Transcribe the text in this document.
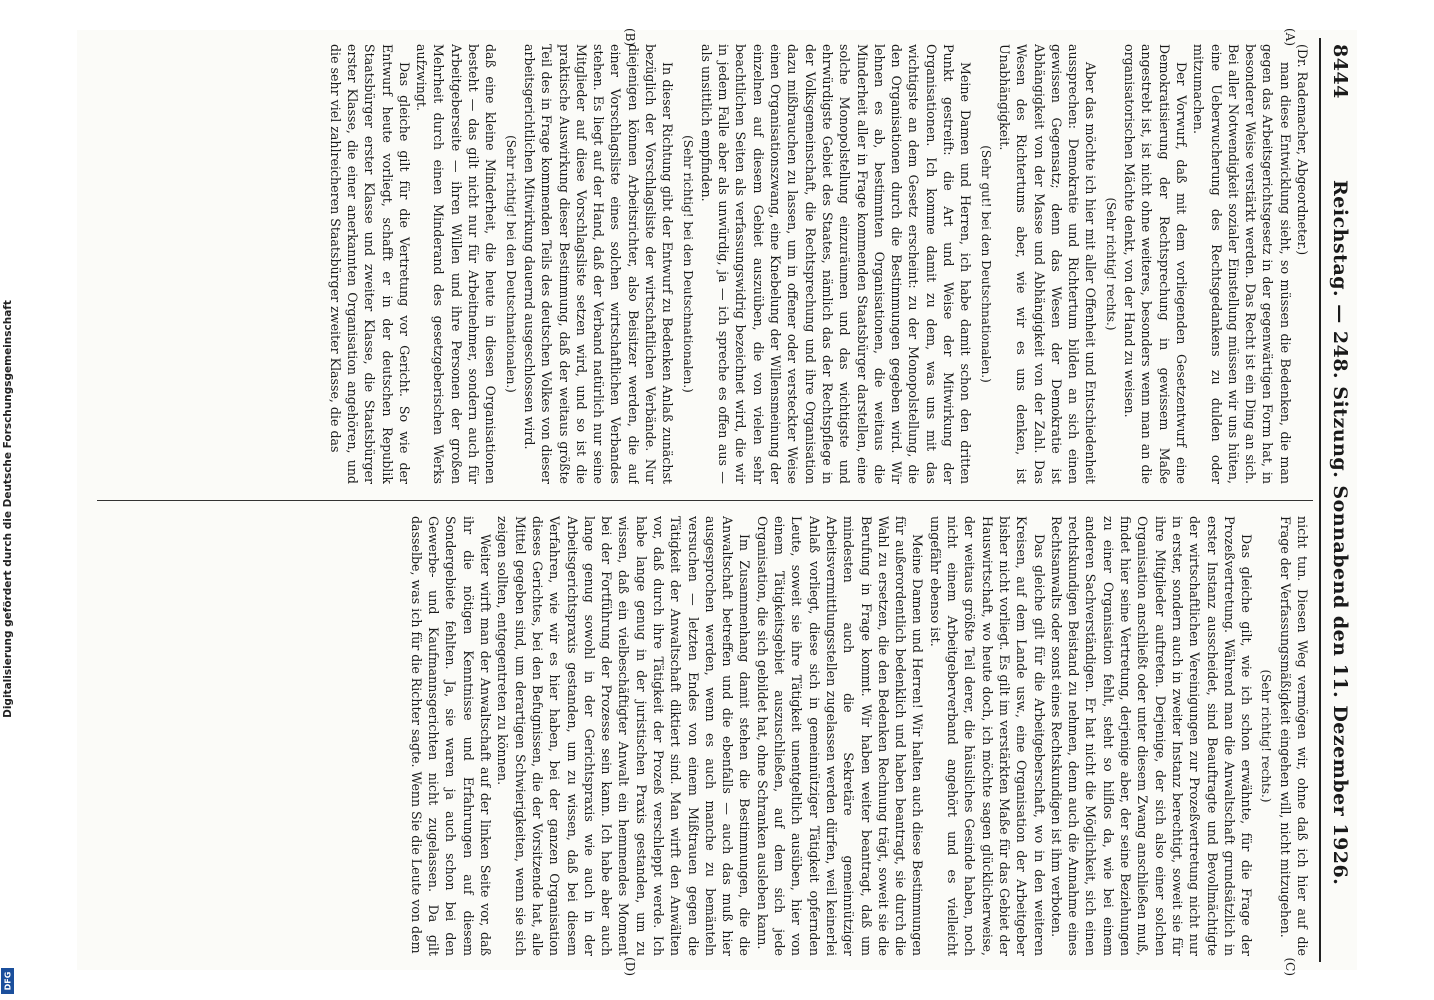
Digitalisierung gefördert durch die Deutsche Forschungsgemeinschaft
DFG
8444
Reichstag. — 248. Sitzung. Sonnabend den 11. Dezember 1926.
(A)
(B)
(C)
(D)

(Dr. Rademacher, Abgeordneter.)

man diese Entwicklung sieht, so müssen die Bedenken, die man gegen das Arbeitsgerichtsgesetz in der gegenwärtigen Form hat, in besonderer Weise verstärkt werden. Das Recht ist ein Ding an sich. Bei aller Notwendigkeit sozialer Einstellung müssen wir uns hüten, eine Ueberwucherung des Rechtsgedankens zu dulden oder mitzumachen.

Der Vorwurf, daß mit dem vorliegenden Gesetzentwurf eine Demokratisierung der Rechtsprechung in gewissem Maße angestrebt ist, ist nicht ohne weiteres, besonders wenn man an die organisatorischen Mächte denkt, von der Hand zu weisen.

(Sehr richtig! rechts.)

Aber das möchte ich hier mit aller Offenheit und Entschiedenheit aussprechen: Demokratie und Richtertum bilden an sich einen gewissen Gegensatz; denn das Wesen der Demokratie ist Abhängigkeit von der Masse und Abhängigkeit von der Zahl. Das Wesen des Richtertums aber, wie wir es uns denken, ist Unabhängigkeit.

(Sehr gut! bei den Deutschnationalen.)

Meine Damen und Herren, ich habe damit schon den dritten Punkt gestreift: die Art und Weise der Mitwirkung der Organisationen. Ich komme damit zu dem, was uns mit das wichtigste an dem Gesetz erscheint: zu der Monopolstellung, die den Organisationen durch die Bestimmungen gegeben wird. Wir lehnen es ab, bestimmten Organisationen, die weitaus die Minderheit aller in Frage kommenden Staatsbürger darstellen, eine solche Monopolstellung einzuräumen und das wichtigste und ehrwürdigste Gebiet des Staates, nämlich das der Rechtspflege in der Volksgemeinschaft, die Rechtsprechung und ihre Organisation dazu mißbrauchen zu lassen, um in offener oder versteckter Weise einen Organisationszwang, eine Knebelung der Willensmeinung der einzelnen auf diesem Gebiet auszuüben, die von vielen sehr beachtlichen Seiten als verfassungswidrig bezeichnet wird, die wir in jedem Falle aber als unwürdig, ja — ich spreche es offen aus — als unsittlich empfinden.

(Sehr richtig! bei den Deutschnationalen.)

In dieser Richtung gibt der Entwurf zu Bedenken Anlaß zunächst bezüglich der Vorschlagsliste der wirtschaftlichen Verbände. Nur diejenigen können Arbeitsrichter, also Beisitzer werden, die auf einer Vorschlagsliste eines solchen wirtschaftlichen Verbandes stehen. Es liegt auf der Hand, daß der Verband natürlich nur seine Mitglieder auf diese Vorschlagsliste setzen wird, und so ist die praktische Auswirkung dieser Bestimmung, daß der weitaus größte Teil des in Frage kommenden Teils des deutschen Volkes von dieser arbeitsgerichtlichen Mitwirkung dauernd ausgeschlossen wird.

(Sehr richtig! bei den Deutschnationalen.)

daß eine kleine Minderheit, die heute in diesen Organisationen besteht — das gilt nicht nur für Arbeitnehmer, sondern auch für Arbeitgeberseite — ihren Willen und ihre Personen der großen Mehrheit durch einen Minderand des gesetzgeberischen Werks aufzwingt.

Das gleiche gilt für die Vertretung vor Gericht. So wie der Entwurf heute vorliegt, schafft er in der deutschen Republik Staatsbürger erster Klasse und zweiter Klasse, die Staatsbürger erster Klasse, die einer anerkannten Organisation angehören, und die sehr viel zahlreicheren Staatsbürger zweiter Klasse, die das

nicht tun. Diesen Weg vermögen wir, ohne daß ich hier auf die Frage der Verfassungsmäßigkeit eingehen will, nicht mitzugehen.

(Sehr richtig! rechts.)

Das gleiche gilt, wie ich schon erwähnte, für die Frage der Prozeßvertretung. Während man die Anwaltschaft grundsätzlich in erster Instanz ausscheidet, sind Beauftragte und Bevollmächtigte der wirtschaftlichen Vereinigungen zur Prozeßvertretung nicht nur in erster, sondern auch in zweiter Instanz berechtigt, soweit sie für ihre Mitglieder auftreten. Derjenige, der sich also einer solchen Organisation anschließt oder unter diesem Zwang anschließen muß, findet hier seine Vertretung, derjenige aber, der seine Beziehungen zu einer Organisation fehlt, steht so hilflos da, wie bei einem anderen Sachverständigen. Er hat nicht die Möglichkeit, sich einen rechtskundigen Beistand zu nehmen, denn auch die Annahme eines Rechtsanwalts oder sonst eines Rechtskundigen ist ihm verboten.

Das gleiche gilt für die Arbeitgeberschaft, wo in den weiteren Kreisen, auf dem Lande usw., eine Organisation der Arbeitgeber bisher nicht vorliegt. Es gilt im verstärkten Maße für das Gebiet der Hauswirtschaft, wo heute doch, ich möchte sagen glücklicherweise, der weitaus größte Teil derer, die häusliches Gesinde haben, noch nicht einem Arbeitgeberverband angehört und es vielleicht ungefähr ebenso ist.

Meine Damen und Herren! Wir halten auch diese Bestimmungen für außerordentlich bedenklich und haben beantragt, sie durch die Wahl zu ersetzen, die den Bedenken Rechnung trägt, soweit sie die Berufung in Frage kommt. Wir haben weiter beantragt, daß um mindesten auch die Sekretäre gemeinnütziger Arbeitsvermittlungsstellen zugelassen werden dürfen, weil keinerlei Anlaß vorliegt, diese sich in gemeinnütziger Tätigkeit opfernden Leute, soweit sie ihre Tätigkeit unentgeltlich ausüben, hier von einem Tätigkeitsgebiet auszuschließen, auf dem sich jede Organisation, die sich gebildet hat, ohne Schranken ausleben kann.

Im Zusammenhang damit stehen die Bestimmungen, die die Anwaltschaft betreffen und die ebenfalls — auch das muß hier ausgesprochen werden, wenn es auch manche zu bemänteln versuchen — letzten Endes von einem Mißtrauen gegen die Tätigkeit der Anwaltschaft diktiert sind. Man wirft den Anwälten vor, daß durch ihre Tätigkeit der Prozeß verschleppt werde. Ich habe lange genug in der juristischen Praxis gestanden, um zu wissen, daß ein vielbeschäftigter Anwalt ein hemmendes Moment bei der Fortführung der Prozesse sein kann. Ich habe aber auch lange genug sowohl in der Gerichtspraxis wie auch in der Arbeitsgerichtspraxis gestanden, um zu wissen, daß bei diesem Verfahren, wie wir es hier haben, bei der ganzen Organisation dieses Gerichtes, bei den Befugnissen, die der Vorsitzende hat, alle Mittel gegeben sind, um derartigen Schwierigkeiten, wenn sie sich zeigen sollten, entgegentreten zu können.

Weiter wirft man der Anwaltschaft auf der linken Seite vor, daß ihr die nötigen Kenntnisse und Erfahrungen auf diesem Sondergebiete fehlten. Ja, sie waren ja auch schon bei den Gewerbe- und Kaufmannsgerichten nicht zugelassen. Da gilt dasselbe, was ich für die Richter sagte. Wenn Sie die Leute von dem
